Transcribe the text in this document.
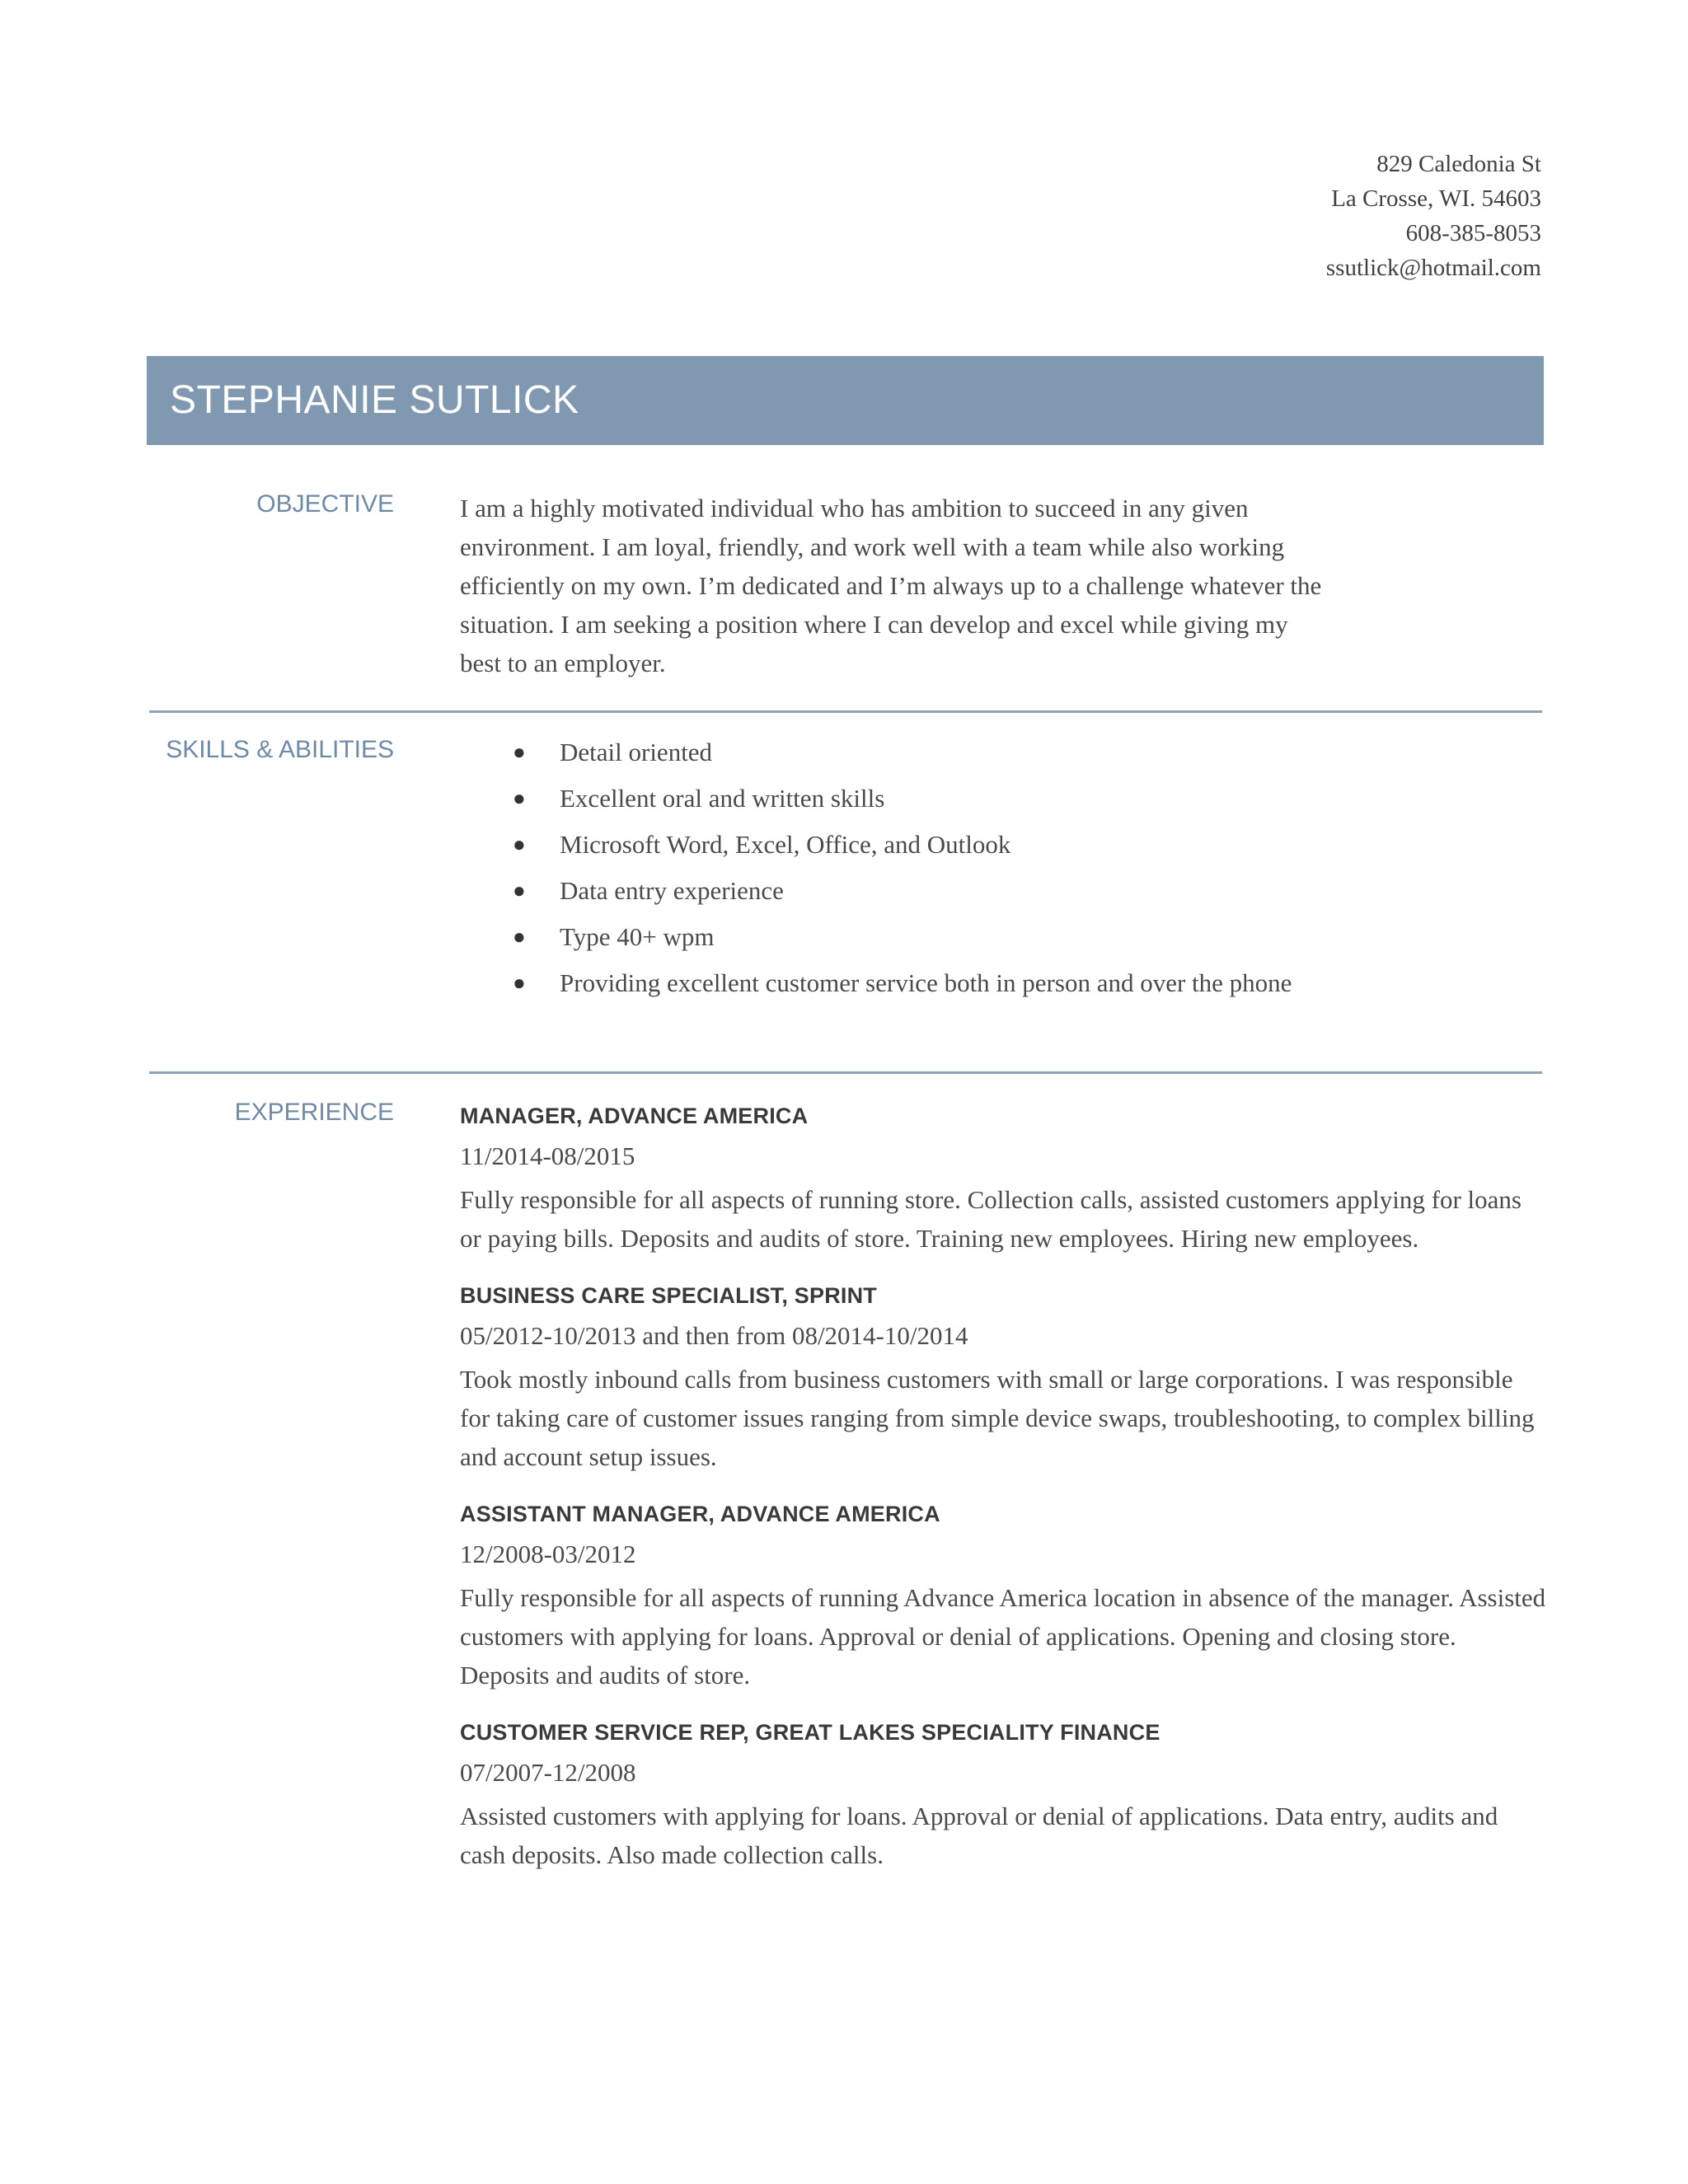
829 Caledonia St
La Crosse, WI. 54603
608-385-8053
ssutlick@hotmail.com
STEPHANIE SUTLICK
OBJECTIVE	I am a highly motivated individual who has ambition to succeed in any given environment. I am loyal, friendly, and work well with a team while also working efficiently on my own. I’m dedicated and I’m always up to a challenge whatever the situation. I am seeking a position where I can develop and excel while giving my best to an employer.
SKILLS & ABILITIES	● Detail oriented
● Excellent oral and written skills
● Microsoft Word, Excel, Office, and Outlook
● Data entry experience
● Type 40+ wpm
● Providing excellent customer service both in person and over the phone
EXPERIENCE	MANAGER, ADVANCE AMERICA
11/2014-08/2015
Fully responsible for all aspects of running store. Collection calls, assisted customers applying for loans or paying bills. Deposits and audits of store. Training new employees. Hiring new employees.
BUSINESS CARE SPECIALIST, SPRINT
05/2012-10/2013 and then from 08/2014-10/2014
Took mostly inbound calls from business customers with small or large corporations. I was responsible for taking care of customer issues ranging from simple device swaps, troubleshooting, to complex billing and account setup issues.
ASSISTANT MANAGER, ADVANCE AMERICA
12/2008-03/2012
Fully responsible for all aspects of running Advance America location in absence of the manager. Assisted customers with applying for loans. Approval or denial of applications. Opening and closing store. Deposits and audits of store.
CUSTOMER SERVICE REP, GREAT LAKES SPECIALITY FINANCE
07/2007-12/2008
Assisted customers with applying for loans. Approval or denial of applications. Data entry, audits and cash deposits. Also made collection calls.
